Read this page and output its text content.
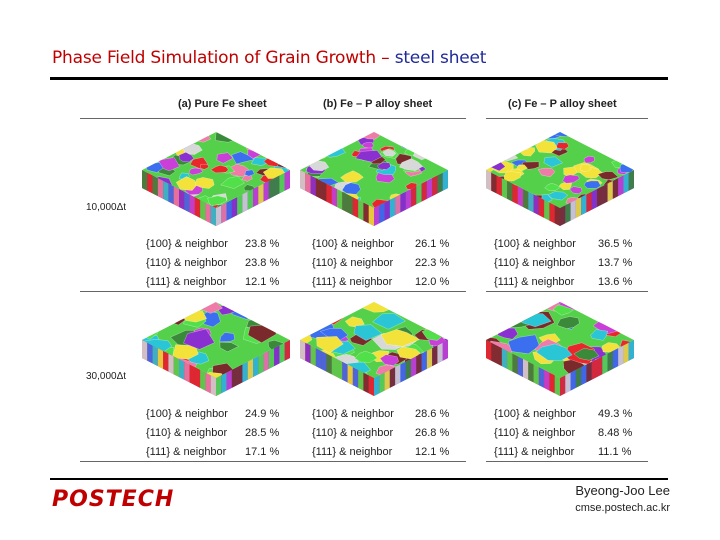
Phase Field Simulation of Grain Growth – steel sheet
(a) Pure Fe sheet	(b) Fe – P alloy sheet	(c) Fe – P alloy sheet
10,000Δt
30,000Δt
{100} & neighbor 23.8 %
{110} & neighbor 23.8 %
{111} & neighbor 12.1 %
{100} & neighbor 26.1 %
{110} & neighbor 22.3 %
{111} & neighbor 12.0 %
{100} & neighbor 36.5 %
{110} & neighbor 13.7 %
{111} & neighbor 13.6 %
{100} & neighbor 24.9 %
{110} & neighbor 28.5 %
{111} & neighbor 17.1 %
{100} & neighbor 28.6 %
{110} & neighbor 26.8 %
{111} & neighbor 12.1 %
{100} & neighbor 49.3 %
{110} & neighbor 8.48 %
{111} & neighbor 11.1 %
POSTECH	Byeong-Joo Lee
cmse.postech.ac.kr
